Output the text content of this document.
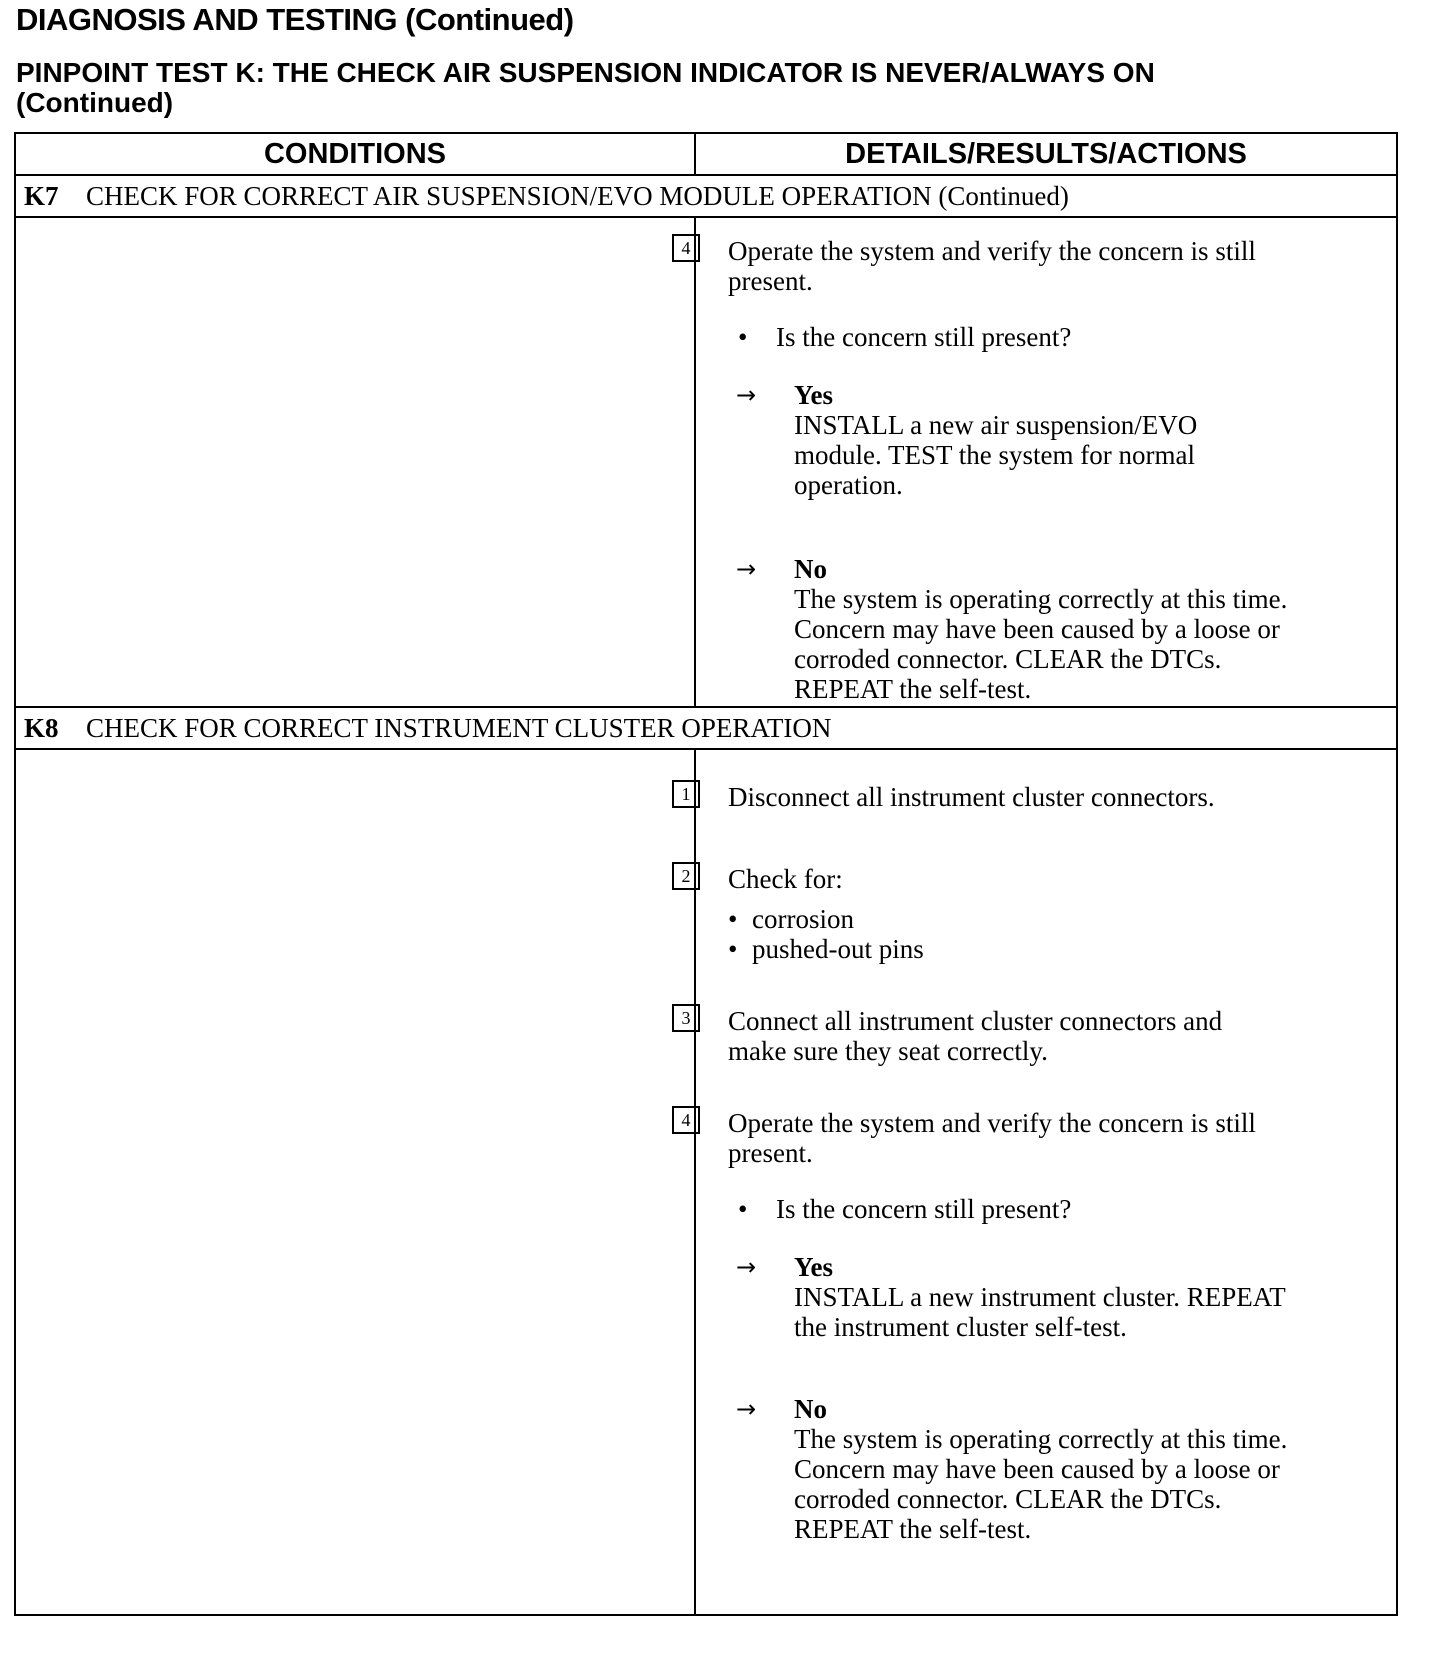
DIAGNOSIS AND TESTING (Continued)
PINPOINT TEST K: THE CHECK AIR SUSPENSION INDICATOR IS NEVER/ALWAYS ON
(Continued)
CONDITIONS	DETAILS/RESULTS/ACTIONS
K7 CHECK FOR CORRECT AIR SUSPENSION/EVO MODULE OPERATION (Continued)
4	Operate the system and verify the concern is still
present.
• Is the concern still present?
→ Yes
INSTALL a new air suspension/EVO
module. TEST the system for normal
operation.
→ No
The system is operating correctly at this time.
Concern may have been caused by a loose or
corroded connector. CLEAR the DTCs.
REPEAT the self-test.
K8 CHECK FOR CORRECT INSTRUMENT CLUSTER OPERATION
1	Disconnect all instrument cluster connectors.
2	Check for:
• corrosion
• pushed-out pins
3	Connect all instrument cluster connectors and
make sure they seat correctly.
4	Operate the system and verify the concern is still
present.
• Is the concern still present?
→ Yes
INSTALL a new instrument cluster. REPEAT
the instrument cluster self-test.
→ No
The system is operating correctly at this time.
Concern may have been caused by a loose or
corroded connector. CLEAR the DTCs.
REPEAT the self-test.
